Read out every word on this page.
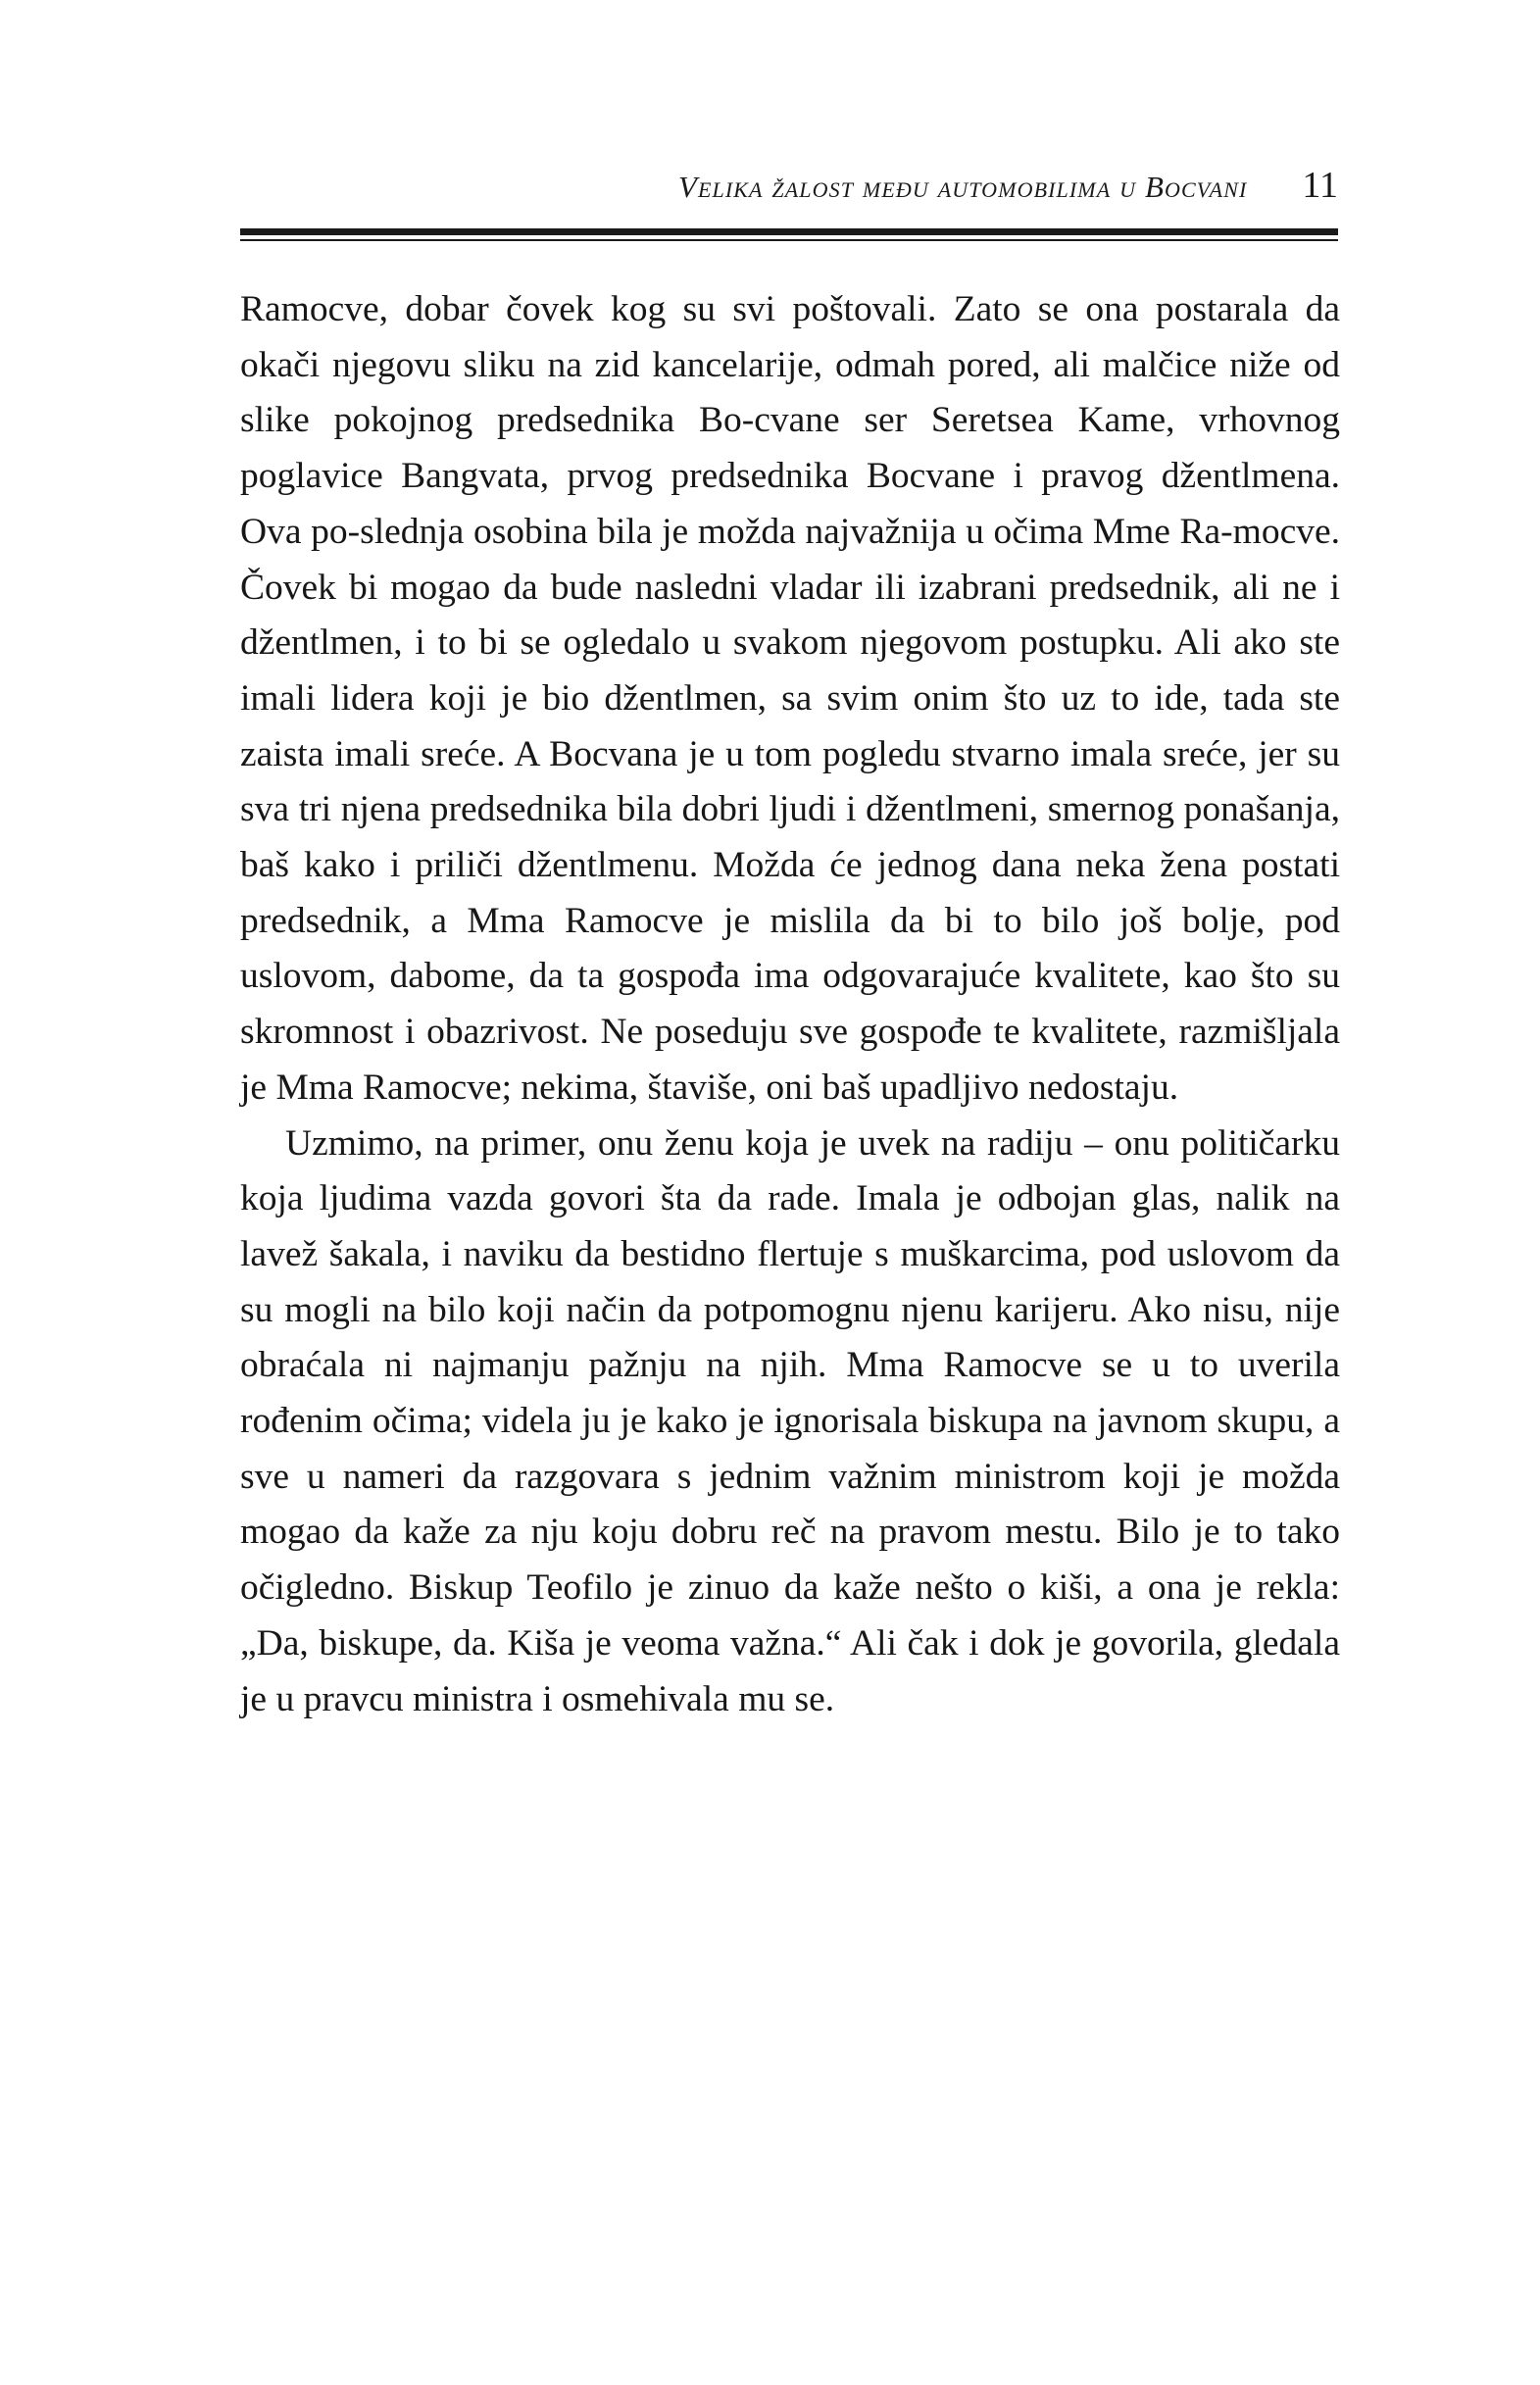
Velika žalost među automobilima u Bocvani 11

Ramocve, dobar čovek kog su svi poštovali. Zato se ona postarala da okači njegovu sliku na zid kancelarije, odmah pored, ali malčice niže od slike pokojnog predsednika Bo-cvane ser Seretsea Kame, vrhovnog poglavice Bangvata, prvog predsednika Bocvane i pravog džentlmena. Ova po-slednja osobina bila je možda najvažnija u očima Mme Ra-mocve. Čovek bi mogao da bude nasledni vladar ili izabrani predsednik, ali ne i džentlmen, i to bi se ogledalo u svakom njegovom postupku. Ali ako ste imali lidera koji je bio džentlmen, sa svim onim što uz to ide, tada ste zaista imali sreće. A Bocvana je u tom pogledu stvarno imala sreće, jer su sva tri njena predsednika bila dobri ljudi i džentlmeni, smernog ponašanja, baš kako i priliči džentlmenu. Možda će jednog dana neka žena postati predsednik, a Mma Ramocve je mislila da bi to bilo još bolje, pod uslovom, dabome, da ta gospođa ima odgovarajuće kvalitete, kao što su skromnost i obazrivost. Ne poseduju sve gospođe te kvalitete, razmišljala je Mma Ramocve; nekima, štaviše, oni baš upadljivo nedostaju.

Uzmimo, na primer, onu ženu koja je uvek na radiju – onu političarku koja ljudima vazda govori šta da rade. Imala je odbojan glas, nalik na lavež šakala, i naviku da bestidno flertuje s muškarcima, pod uslovom da su mogli na bilo koji način da potpomognu njenu karijeru. Ako nisu, nije obraćala ni najmanju pažnju na njih. Mma Ramocve se u to uverila rođenim očima; videla ju je kako je ignorisala biskupa na javnom skupu, a sve u nameri da razgovara s jednim važnim ministrom koji je možda mogao da kaže za nju koju dobru reč na pravom mestu. Bilo je to tako očigledno. Biskup Teofilo je zinuo da kaže nešto o kiši, a ona je rekla: „Da, biskupe, da. Kiša je veoma važna.“ Ali čak i dok je govorila, gledala je u pravcu ministra i osmehivala mu se.
